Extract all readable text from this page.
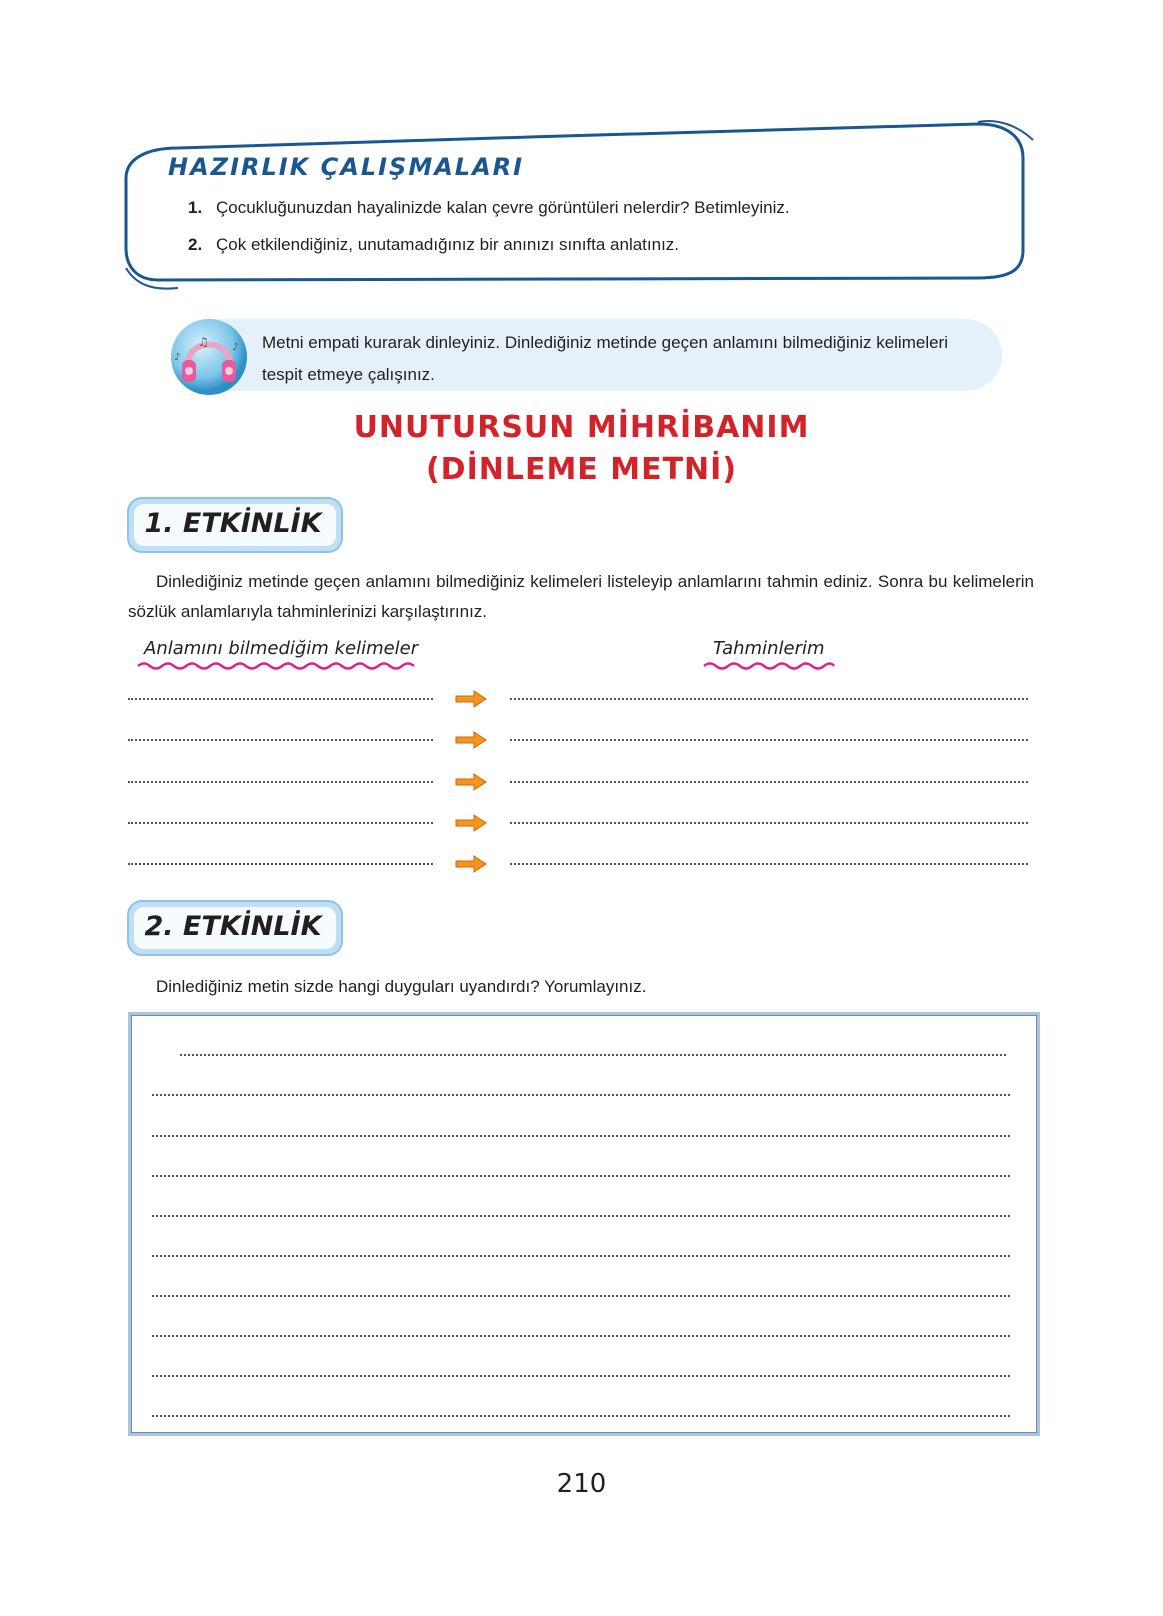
HAZIRLIK ÇALIŞMALARI
1. Çocukluğunuzdan hayalinizde kalan çevre görüntüleri nelerdir? Betimleyiniz.
2. Çok etkilendiğiniz, unutamadığınız bir anınızı sınıfta anlatınız.
♫
♪
♪ Metni empati kurarak dinleyiniz. Dinlediğiniz metinde geçen anlamını bilmediğiniz kelimeleri tespit etmeye çalışınız.
UNUTURSUN MİHRİBANIM
(DİNLEME METNİ)
1. ETKİNLİK
Dinlediğiniz metinde geçen anlamını bilmediğiniz kelimeleri listeleyip anlamlarını tahmin ediniz. Sonra bu kelimelerin sözlük anlamlarıyla tahminlerinizi karşılaştırınız.
Anlamını bilmediğim kelimeler	Tahminlerim
2. ETKİNLİK
Dinlediğiniz metin sizde hangi duyguları uyandırdı? Yorumlayınız.
210
